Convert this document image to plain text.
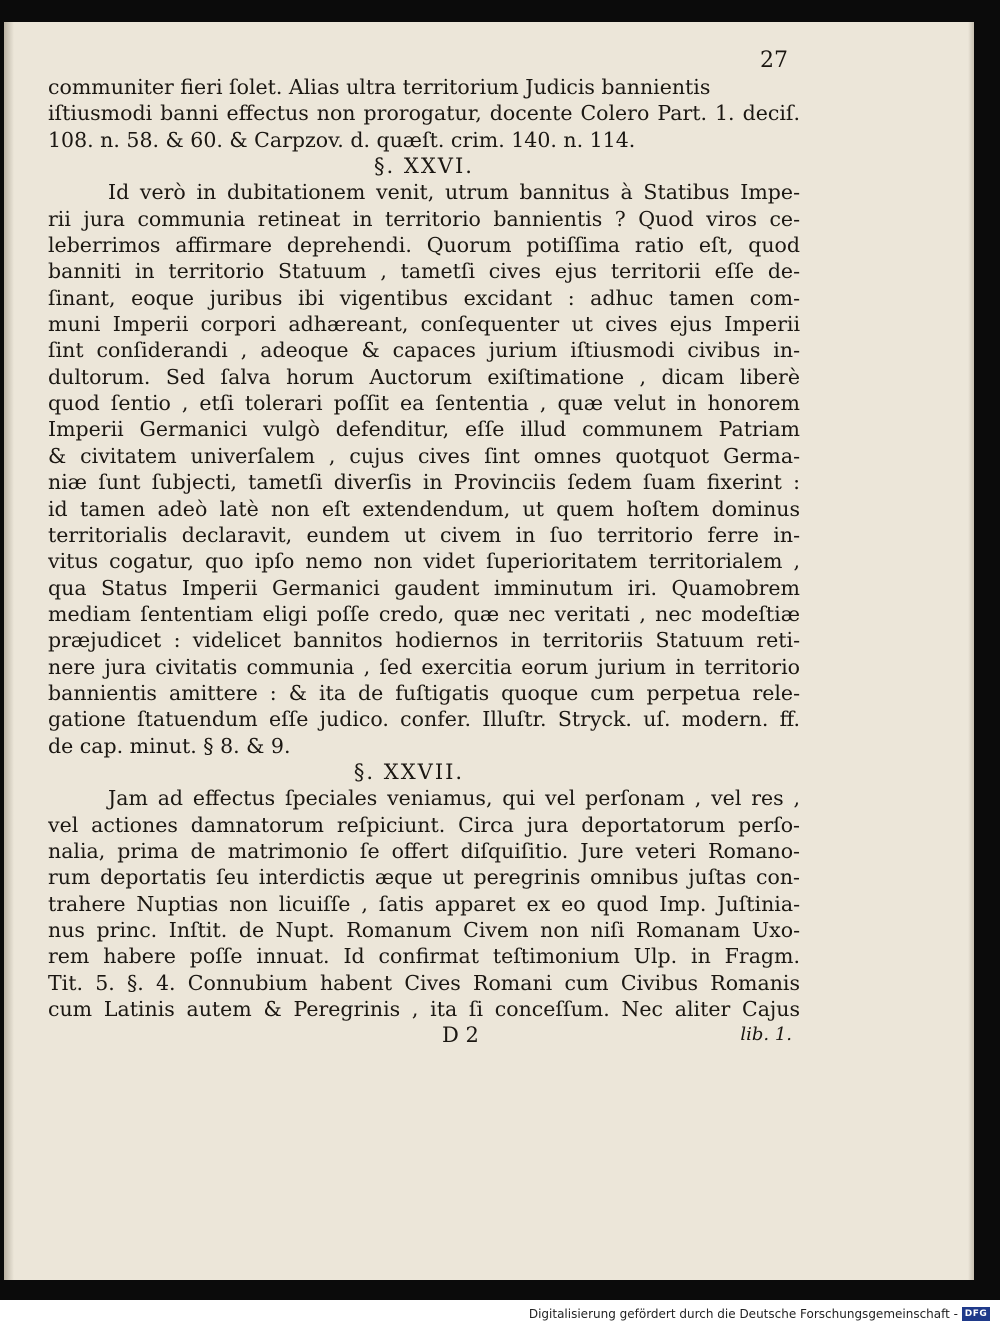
27
communiter fieri ſolet. Alias ultra territorium Judicis bannientis
iſtiusmodi banni effectus non prorogatur, docente Colero Part. 1. deciſ.
108. n. 58. & 60. & Carpzov. d. quæſt. crim. 140. n. 114.
§. XXVI.
Id verò in dubitationem venit, utrum bannitus à Statibus Impe-
rii jura communia retineat in territorio bannientis ? Quod viros ce-
leberrimos affirmare deprehendi. Quorum potiſſima ratio eſt, quod
banniti in territorio Statuum , tametſi cives ejus territorii eſſe de-
ſinant, eoque juribus ibi vigentibus excidant : adhuc tamen com-
muni Imperii corpori adhæreant, conſequenter ut cives ejus Imperii
ſint conſiderandi , adeoque & capaces jurium iſtiusmodi civibus in-
dultorum. Sed ſalva horum Auctorum exiſtimatione , dicam liberè
quod ſentio , etſi tolerari poſſit ea ſententia , quæ velut in honorem
Imperii Germanici vulgò defenditur, eſſe illud communem Patriam
& civitatem univerſalem , cujus cives ſint omnes quotquot Germa-
niæ ſunt ſubjecti, tametſi diverſis in Provinciis ſedem ſuam fixerint :
id tamen adeò latè non eſt extendendum, ut quem hoſtem dominus
territorialis declaravit, eundem ut civem in ſuo territorio ferre in-
vitus cogatur, quo ipſo nemo non videt ſuperioritatem territorialem ,
qua Status Imperii Germanici gaudent imminutum iri. Quamobrem
mediam ſententiam eligi poſſe credo, quæ nec veritati , nec modeſtiæ
præjudicet : videlicet bannitos hodiernos in territoriis Statuum reti-
nere jura civitatis communia , ſed exercitia eorum jurium in territorio
bannientis amittere : & ita de fuſtigatis quoque cum perpetua rele-
gatione ſtatuendum eſſe judico. confer. Illuſtr. Stryck. uſ. modern. ff.
de cap. minut. § 8. & 9.
§. XXVII.
Jam ad effectus ſpeciales veniamus, qui vel perſonam , vel res ,
vel actiones damnatorum reſpiciunt. Circa jura deportatorum perſo-
nalia, prima de matrimonio ſe offert diſquiſitio. Jure veteri Romano-
rum deportatis ſeu interdictis æque ut peregrinis omnibus juſtas con-
trahere Nuptias non licuiſſe , ſatis apparet ex eo quod Imp. Juſtinia-
nus princ. Inſtit. de Nupt. Romanum Civem non niſi Romanam Uxo-
rem habere poſſe innuat. Id confirmat teſtimonium Ulp. in Fragm.
Tit. 5. §. 4. Connubium habent Cives Romani cum Civibus Romanis
cum Latinis autem & Peregrinis , ita ſi conceſſum. Nec aliter Cajus
D 2	lib. 1.
Digitalisierung gefördert durch die Deutsche Forschungsgemeinschaft - DFG
